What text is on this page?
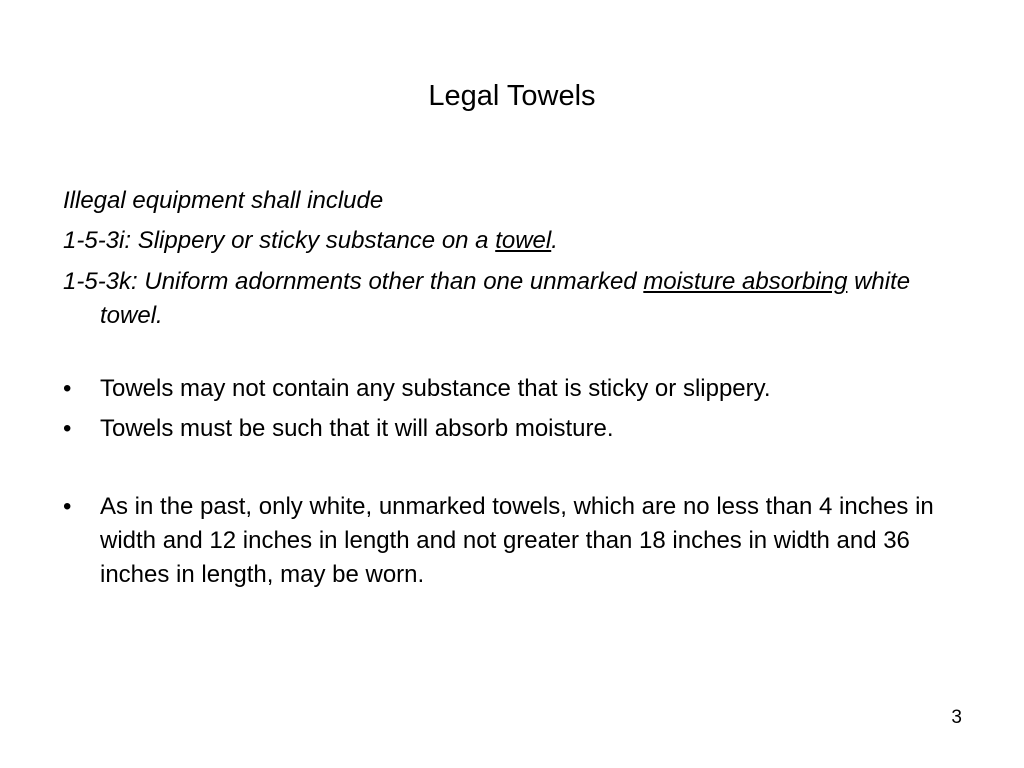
Legal Towels

Illegal equipment shall include

1-5-3i: Slippery or sticky substance on a towel.

1-5-3k: Uniform adornments other than one unmarked moisture absorbing white towel.

•	Towels may not contain any substance that is sticky or slippery.

•	Towels must be such that it will absorb moisture.

•	As in the past, only white, unmarked towels, which are no less than 4 inches in width and 12 inches in length and not greater than 18 inches in width and 36 inches in length, may be worn.

3
